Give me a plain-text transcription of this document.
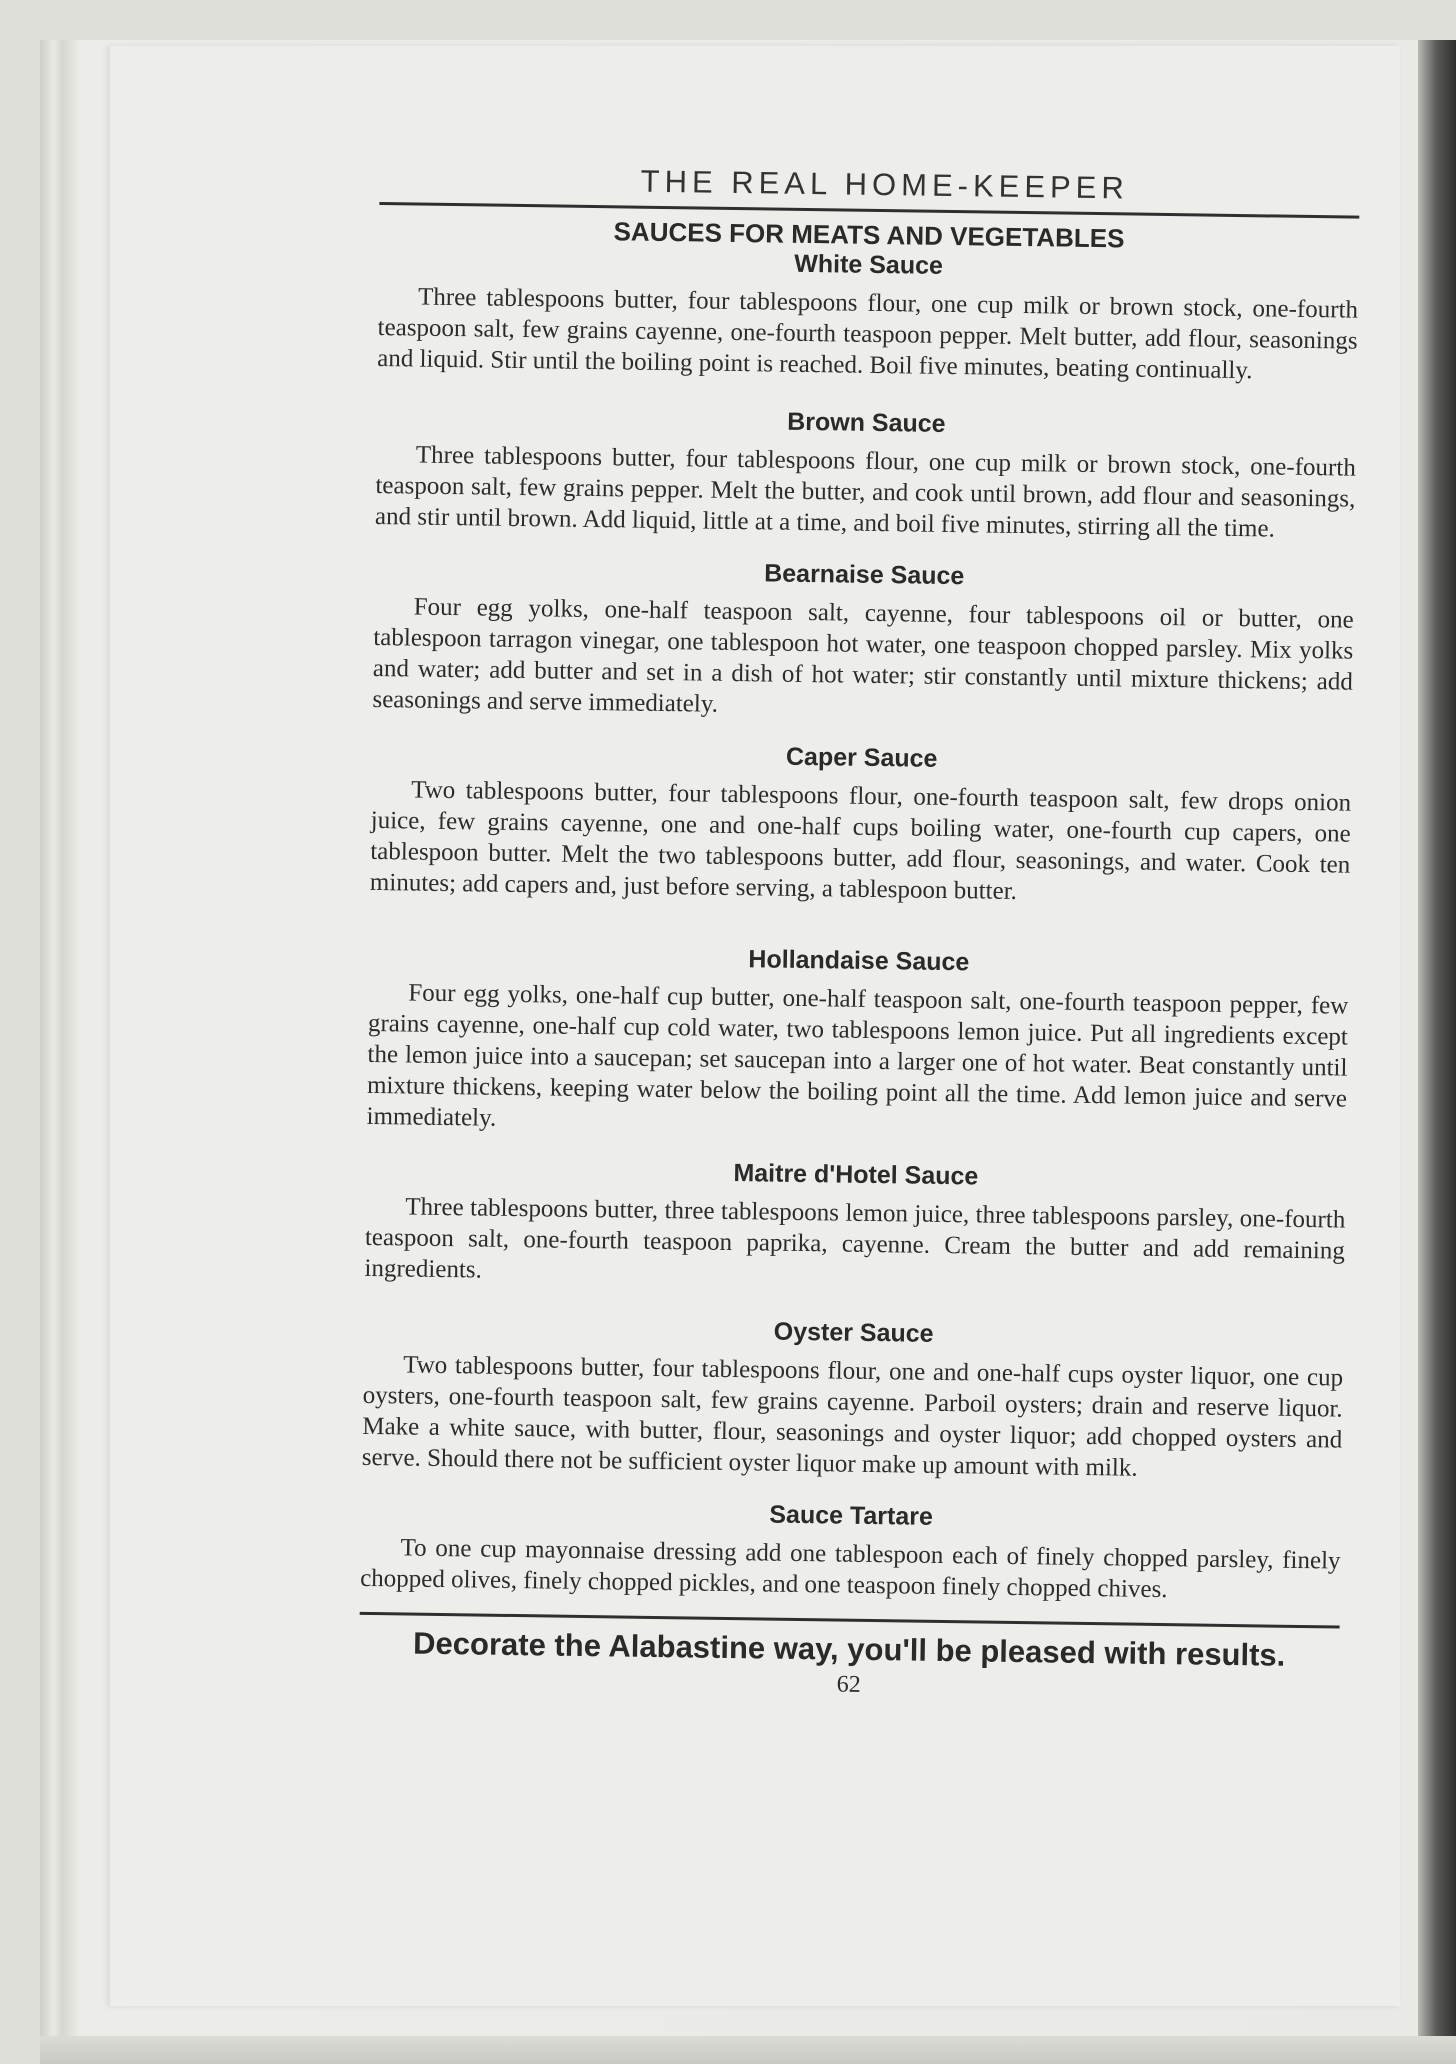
THE REAL HOME-KEEPER
SAUCES FOR MEATS AND VEGETABLES
White Sauce

Three tablespoons butter, four tablespoons flour, one cup milk or brown stock, one-fourth teaspoon salt, few grains cayenne, one-fourth teaspoon pepper. Melt butter, add flour, seasonings and liquid. Stir until the boiling point is reached. Boil five minutes, beating continually.

Brown Sauce

Three tablespoons butter, four tablespoons flour, one cup milk or brown stock, one-fourth teaspoon salt, few grains pepper. Melt the butter, and cook until brown, add flour and seasonings, and stir until brown. Add liquid, little at a time, and boil five minutes, stirring all the time.

Bearnaise Sauce

Four egg yolks, one-half teaspoon salt, cayenne, four tablespoons oil or butter, one tablespoon tarragon vinegar, one tablespoon hot water, one teaspoon chopped parsley. Mix yolks and water; add butter and set in a dish of hot water; stir constantly until mixture thickens; add seasonings and serve immediately.

Caper Sauce

Two tablespoons butter, four tablespoons flour, one-fourth teaspoon salt, few drops onion juice, few grains cayenne, one and one-half cups boiling water, one-fourth cup capers, one tablespoon butter. Melt the two tablespoons butter, add flour, seasonings, and water. Cook ten minutes; add capers and, just before serving, a tablespoon butter.

Hollandaise Sauce

Four egg yolks, one-half cup butter, one-half teaspoon salt, one-fourth teaspoon pepper, few grains cayenne, one-half cup cold water, two tablespoons lemon juice. Put all ingredients except the lemon juice into a saucepan; set saucepan into a larger one of hot water. Beat constantly until mixture thickens, keeping water below the boiling point all the time. Add lemon juice and serve immediately.

Maitre d'Hotel Sauce

Three tablespoons butter, three tablespoons lemon juice, three tablespoons parsley, one-fourth teaspoon salt, one-fourth teaspoon paprika, cayenne. Cream the butter and add remaining ingredients.

Oyster Sauce

Two tablespoons butter, four tablespoons flour, one and one-half cups oyster liquor, one cup oysters, one-fourth teaspoon salt, few grains cayenne. Parboil oysters; drain and reserve liquor. Make a white sauce, with butter, flour, seasonings and oyster liquor; add chopped oysters and serve. Should there not be sufficient oyster liquor make up amount with milk.

Sauce Tartare

To one cup mayonnaise dressing add one tablespoon each of finely chopped parsley, finely chopped olives, finely chopped pickles, and one teaspoon finely chopped chives.

Decorate the Alabastine way, you'll be pleased with results.
62
